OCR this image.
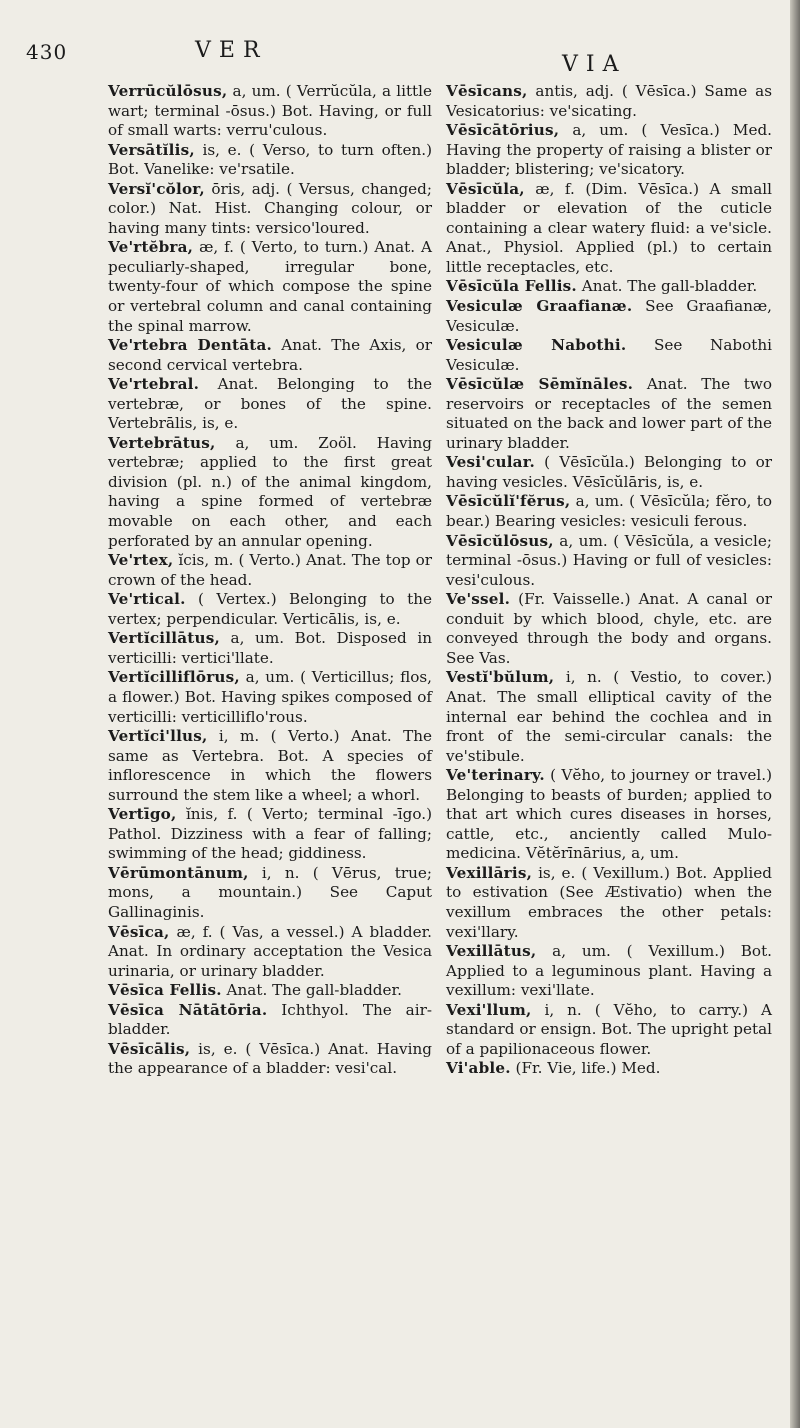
430	VER
VIA

Verrūcŭlōsus, a, um. ( Verrŭcŭla, a little wart; terminal -ōsus.) Bot. Having, or full of small warts: verru'culous.

Versātĭlis, is, e. ( Verso, to turn often.) Bot. Vanelike: ve'rsatile.

Versĭ'cŏlor, ōris, adj. ( Versus, changed; color.) Nat. Hist. Changing colour, or having many tints: versico'loured.

Ve'rtĕbra, æ, f. ( Verto, to turn.) Anat. A peculiarly-shaped, irregular bone, twenty-four of which compose the spine or vertebral column and canal containing the spinal marrow.

Ve'rtebra Dentāta. Anat. The Axis, or second cervical vertebra.

Ve'rtebral. Anat. Belonging to the vertebræ, or bones of the spine. Vertebrālis, is, e.

Vertebrātus, a, um. Zoöl. Having vertebræ; applied to the first great division (pl. n.) of the animal kingdom, having a spine formed of vertebræ movable on each other, and each perforated by an annular opening.

Ve'rtex, ĭcis, m. ( Verto.) Anat. The top or crown of the head.

Ve'rtical. ( Vertex.) Belonging to the vertex; perpendicular. Verticālis, is, e.

Vertĭcillātus, a, um. Bot. Disposed in verticilli: vertici'llate.

Vertĭcilliflōrus, a, um. ( Verticillus; flos, a flower.) Bot. Having spikes composed of verticilli: verticilliflo'rous.

Vertĭci'llus, i, m. ( Verto.) Anat. The same as Vertebra. Bot. A species of inflorescence in which the flowers surround the stem like a wheel; a whorl.

Vertīgo, ĭnis, f. ( Verto; terminal -īgo.) Pathol. Dizziness with a fear of falling; swimming of the head; giddiness.

Vērūmontānum, i, n. ( Vērus, true; mons, a mountain.) See Caput Gallinaginis.

Vēsīca, æ, f. ( Vas, a vessel.) A bladder. Anat. In ordinary acceptation the Vesica urinaria, or urinary bladder.

Vēsīca Fellis. Anat. The gall-bladder.

Vēsīca Nātātōria. Ichthyol. The air-bladder.

Vēsīcālis, is, e. ( Vēsīca.) Anat. Having the appearance of a bladder: vesi'cal.

Vēsīcans, antis, adj. ( Vēsīca.) Same as Vesicatorius: ve'sicating.

Vēsīcātōrius, a, um. ( Vesīca.) Med. Having the property of raising a blister or bladder; blistering; ve'sicatory.

Vēsīcŭla, æ, f. (Dim. Vēsīca.) A small bladder or elevation of the cuticle containing a clear watery fluid: a ve'sicle. Anat., Physiol. Applied (pl.) to certain little receptacles, etc.

Vēsīcŭla Fellis. Anat. The gall-bladder.

Vesiculæ Graafianæ. See Graafianæ, Vesiculæ.

Vesiculæ Nabothi. See Nabothi Vesiculæ.

Vēsīcŭlæ Sēmĭnāles. Anat. The two reservoirs or receptacles of the semen situated on the back and lower part of the urinary bladder.

Vesi'cular. ( Vēsīcŭla.) Belonging to or having vesicles. Vēsīcŭlāris, is, e.

Vēsīcŭlĭ'fĕrus, a, um. ( Vēsīcŭla; fĕro, to bear.) Bearing vesicles: vesiculi ferous.

Vēsīcŭlōsus, a, um. ( Vēsīcŭla, a vesicle; terminal -ōsus.) Having or full of vesicles: vesi'culous.

Ve'ssel. (Fr. Vaisselle.) Anat. A canal or conduit by which blood, chyle, etc. are conveyed through the body and organs. See Vas.

Vestĭ'bŭlum, i, n. ( Vestio, to cover.) Anat. The small elliptical cavity of the internal ear behind the cochlea and in front of the semi-circular canals: the ve'stibule.

Ve'terinary. ( Vĕho, to journey or travel.) Belonging to beasts of burden; applied to that art which cures diseases in horses, cattle, etc., anciently called Mulo-medicina. Vĕtĕrīnārius, a, um.

Vexillāris, is, e. ( Vexillum.) Bot. Applied to estivation (See Æstivatio) when the vexillum embraces the other petals: vexi'llary.

Vexillātus, a, um. ( Vexillum.) Bot. Applied to a leguminous plant. Having a vexillum: vexi'llate.

Vexi'llum, i, n. ( Vĕho, to carry.) A standard or ensign. Bot. The upright petal of a papilionaceous flower.

Vi'able. (Fr. Vie, life.) Med.
